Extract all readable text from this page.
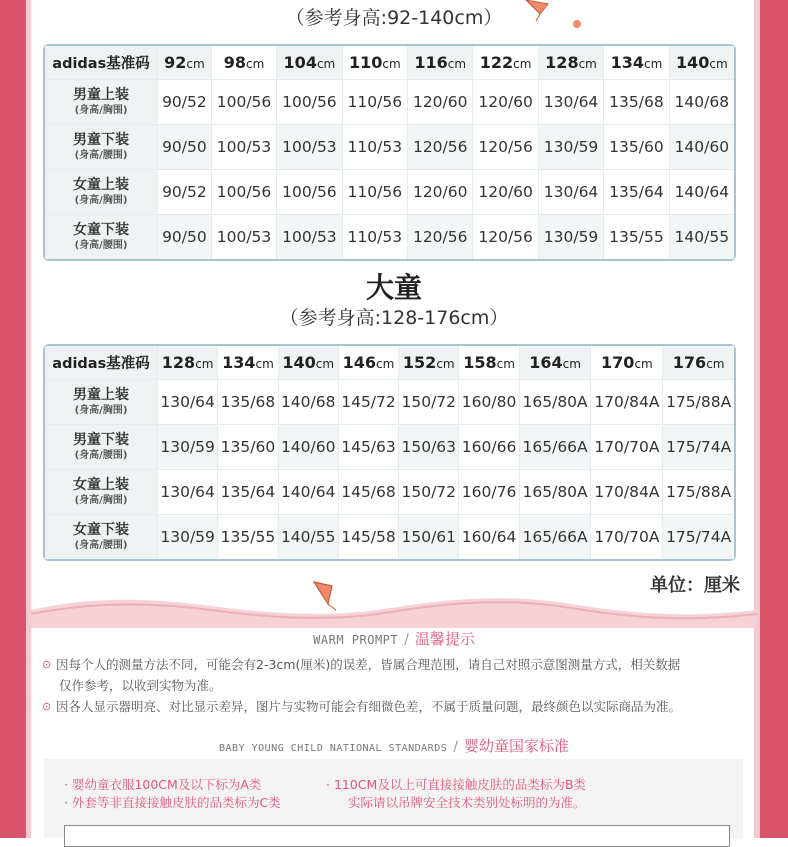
（参考身高:92-140cm）
adidas基准码	92cm	98cm	104cm	110cm	116cm	122cm	128cm	134cm	140cm

男童上装
(身高/胸围)	90/52	100/56	100/56	110/56	120/60	120/60	130/64	135/68	140/68

男童下装
(身高/腰围)	90/50	100/53	100/53	110/53	120/56	120/56	130/59	135/60	140/60

女童上装
(身高/胸围)	90/52	100/56	100/56	110/56	120/60	120/60	130/64	135/64	140/64

女童下装
(身高/腰围)	90/50	100/53	100/53	110/53	120/56	120/56	130/59	135/55	140/55
大童
（参考身高:128-176cm）
adidas基准码	128cm	134cm	140cm	146cm	152cm	158cm	164cm	170cm	176cm

男童上装
(身高/胸围)	130/64	135/68	140/68	145/72	150/72	160/80	165/80A	170/84A	175/88A

男童下装
(身高/腰围)	130/59	135/60	140/60	145/63	150/63	160/66	165/66A	170/70A	175/74A

女童上装
(身高/胸围)	130/64	135/64	140/64	145/68	150/72	160/76	165/80A	170/84A	175/88A

女童下装
(身高/腰围)	130/59	135/55	140/55	145/58	150/61	160/64	165/66A	170/70A	175/74A
单位：厘米
WARM PROMPT / 温馨提示
⊙ 因每个人的测量方法不同，可能会有2-3cm(厘米)的误差，皆属合理范围，请自己对照示意图测量方式，相关数据
仅作参考，以收到实物为准。
⊙ 因各人显示器明亮、对比显示差异，图片与实物可能会有细微色差，不属于质量问题，最终颜色以实际商品为准。
BABY YOUNG CHILD NATIONAL STANDARDS / 婴幼童国家标准
· 婴幼童衣服100CM及以下标为A类	· 110CM及以上可直接接触皮肤的品类标为B类
· 外套等非直接接触皮肤的品类标为C类	实际请以吊牌安全技术类别处标明的为准。
